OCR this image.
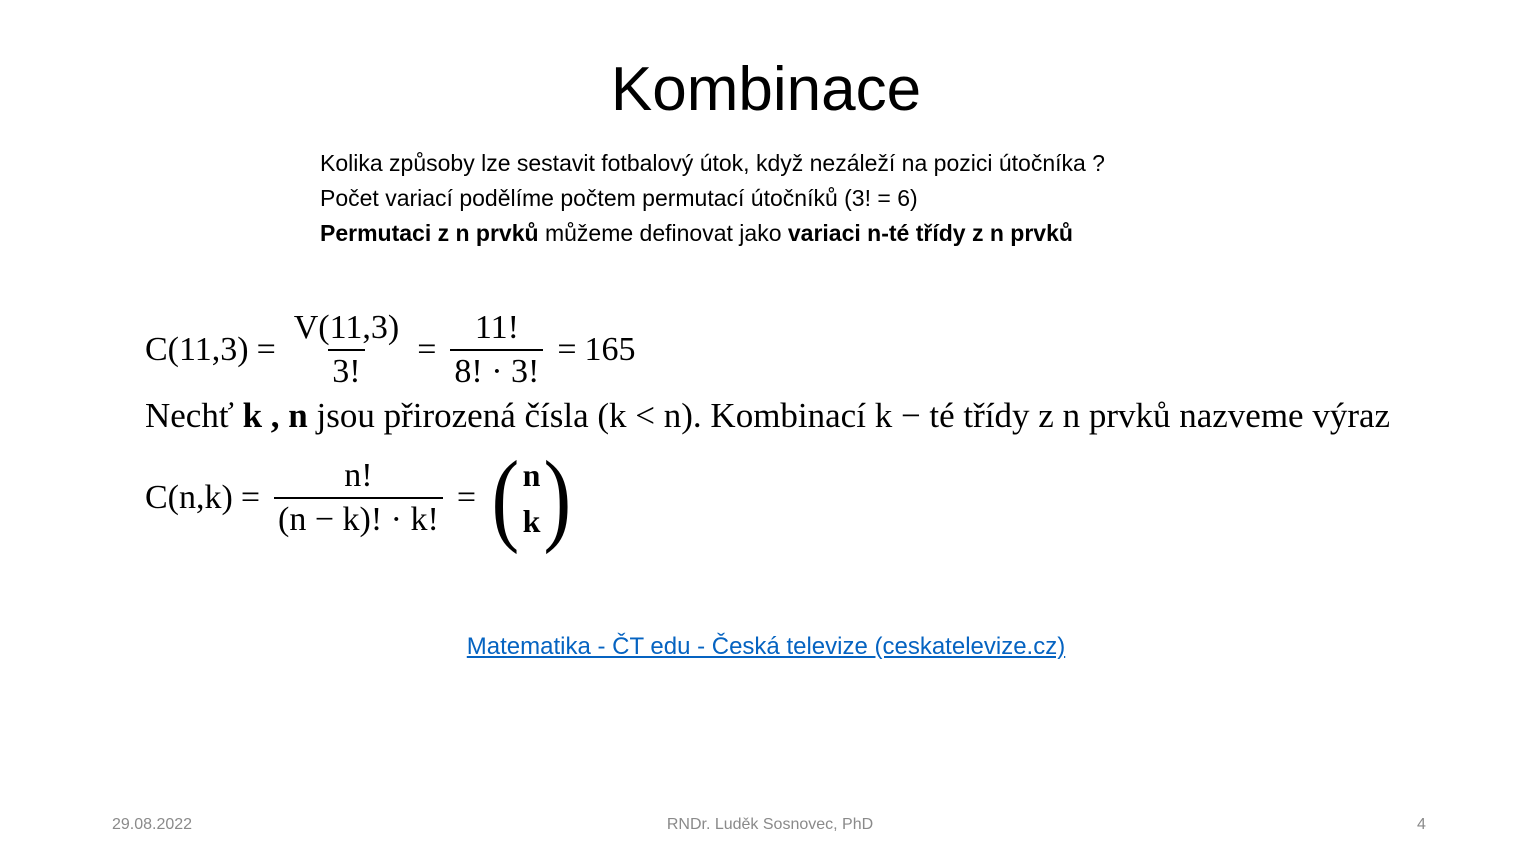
Kombinace
Kolika způsoby lze sestavit fotbalový útok, když nezáleží na pozici útočníka ?
Počet variací podělíme počtem permutací útočníků (3! = 6)
Permutaci z n prvků můžeme definovat jako variaci n-té třídy z n prvků
$C(11,3) = \frac{V(11,3)}{3!} = \frac{11!}{8! \cdot 3!} = 165$
Nechť k , n jsou přirozená čísla (k < n). Kombinací k − té třídy z n prvků nazveme výraz
$C(n,k) = \frac{n!}{(n - k)! \cdot k!}$ = ( n
k )
Matematika - ČT edu - Česká televize (ceskatelevize.cz)
29.08.2022	RNDr. Luděk Sosnovec, PhD	4
